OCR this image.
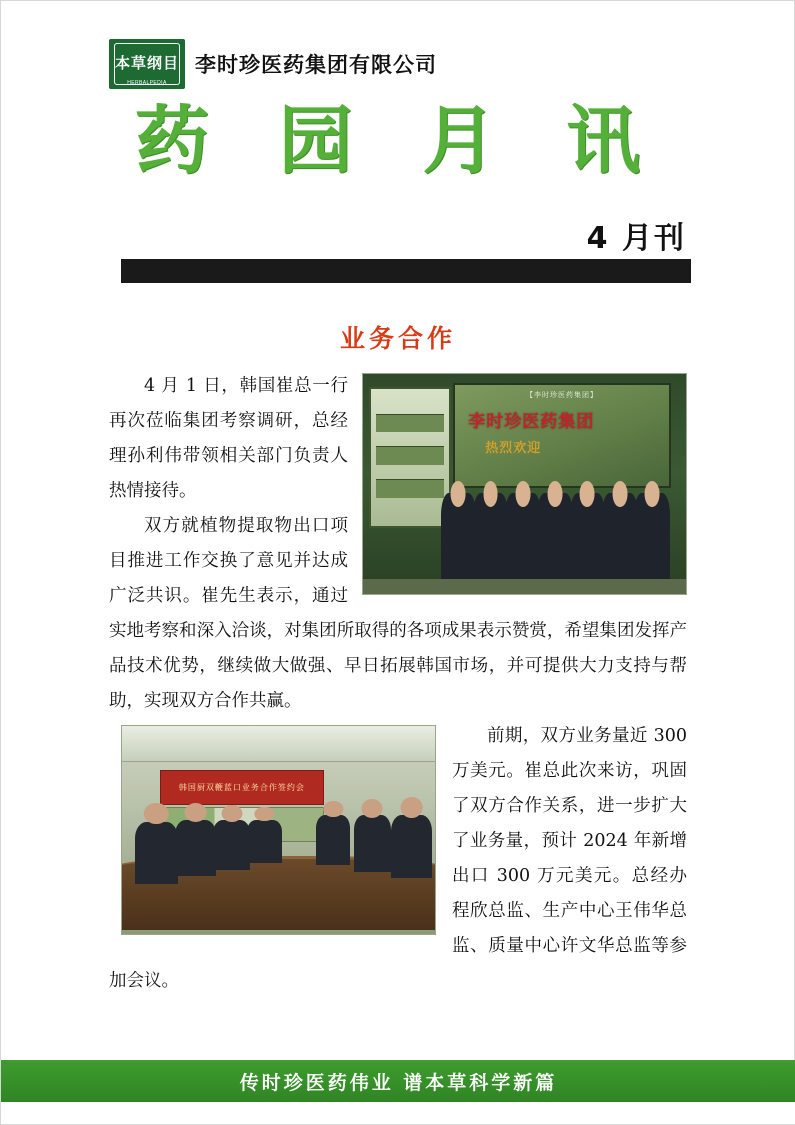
本草纲目
HERBALPEDIA
李时珍医药集团有限公司
药 园 月 讯
4 月刊
业务合作
【李时珍医药集团】
李时珍医药集团
热烈欢迎

4 月 1 日，韩国崔总一行再次莅临集团考察调研，总经理孙利伟带领相关部门负责人热情接待。

双方就植物提取物出口项目推进工作交换了意见并达成广泛共识。崔先生表示，通过实地考察和深入洽谈，对集团所取得的各项成果表示赞赏，希望集团发挥产品技术优势，继续做大做强、早日拓展韩国市场，并可提供大力支持与帮助，实现双方合作共赢。

韩国厨双鞭蓝口业务合作签约会

前期，双方业务量近 300 万美元。崔总此次来访，巩固了双方合作关系，进一步扩大了业务量，预计 2024 年新增出口 300 万元美元。总经办程欣总监、生产中心王伟华总监、质量中心许文华总监等参加会议。

传时珍医药伟业 谱本草科学新篇
